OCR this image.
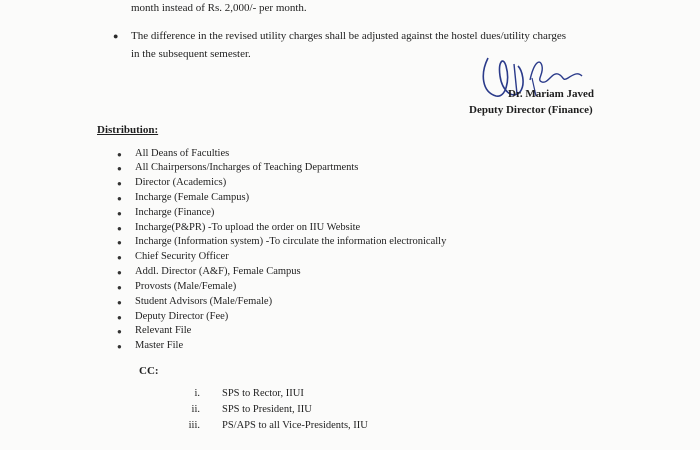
month instead of Rs. 2,000/- per month.
● The difference in the revised utility charges shall be adjusted against the hostel dues/utility charges
in the subsequent semester.
Dr. Mariam Javed
Deputy Director (Finance)
Distribution:
● All Deans of Faculties
● All Chairpersons/Incharges of Teaching Departments
● Director (Academics)
● Incharge (Female Campus)
● Incharge (Finance)
● Incharge(P&PR) -To upload the order on IIU Website
● Incharge (Information system) -To circulate the information electronically
● Chief Security Officer
● Addl. Director (A&F), Female Campus
● Provosts (Male/Female)
● Student Advisors (Male/Female)
● Deputy Director (Fee)
● Relevant File
● Master File
CC:
i. SPS to Rector, IIUI
ii. SPS to President, IIU
iii. PS/APS to all Vice-Presidents, IIU
